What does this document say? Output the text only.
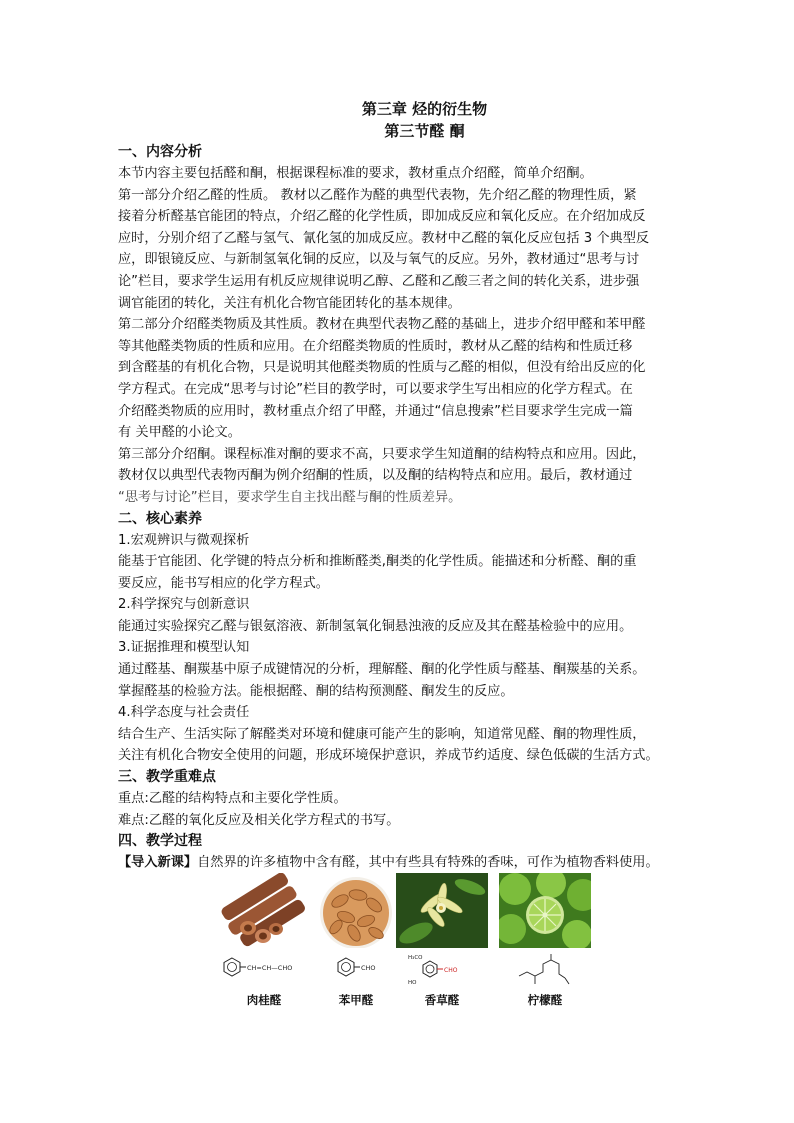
第三章 烃的衍生物

第三节醛 酮

一、内容分析

本节内容主要包括醛和酮，根据课程标准的要求，教材重点介绍醛，简单介绍酮。

第一部分介绍乙醛的性质。 教材以乙醛作为醛的典型代表物，先介绍乙醛的物理性质，紧

接着分析醛基官能团的特点，介绍乙醛的化学性质，即加成反应和氧化反应。在介绍加成反

应时，分别介绍了乙醛与氢气、氰化氢的加成反应。教材中乙醛的氧化反应包括 3 个典型反

应，即银镜反应、与新制氢氧化铜的反应，以及与氧气的反应。另外，教材通过“思考与讨

论”栏目，要求学生运用有机反应规律说明乙醇、乙醛和乙酸三者之间的转化关系，进步强

调官能团的转化，关注有机化合物官能团转化的基本规律。

第二部分介绍醛类物质及其性质。教材在典型代表物乙醛的基础上，进步介绍甲醛和苯甲醛

等其他醛类物质的性质和应用。在介绍醛类物质的性质时，教材从乙醛的结构和性质迁移

到含醛基的有机化合物，只是说明其他醛类物质的性质与乙醛的相似，但没有给出反应的化

学方程式。在完成“思考与讨论”栏目的教学时，可以要求学生写出相应的化学方程式。在

介绍醛类物质的应用时，教材重点介绍了甲醛，并通过“信息搜索”栏目要求学生完成一篇

有 关甲醛的小论文。

第三部分介绍酮。课程标准对酮的要求不高，只要求学生知道酮的结构特点和应用。因此，

教材仅以典型代表物丙酮为例介绍酮的性质，以及酮的结构特点和应用。最后，教材通过

“思考与讨论”栏目，要求学生自主找出醛与酮的性质差异。

二、核心素养

1.宏观辨识与微观探析

能基于官能团、化学键的特点分析和推断醛类,酮类的化学性质。能描述和分析醛、酮的重

要反应，能书写相应的化学方程式。

2.科学探究与创新意识

能通过实验探究乙醛与银氨溶液、新制氢氧化铜悬浊液的反应及其在醛基检验中的应用。

3.证据推理和模型认知

通过醛基、酮羰基中原子成键情况的分析，理解醛、酮的化学性质与醛基、酮羰基的关系。

掌握醛基的检验方法。能根据醛、酮的结构预测醛、酮发生的反应。

4.科学态度与社会责任

结合生产、生活实际了解醛类对环境和健康可能产生的影响，知道常见醛、酮的物理性质，

关注有机化合物安全使用的问题，形成环境保护意识，养成节约适度、绿色低碳的生活方式。

三、教学重难点

重点:乙醛的结构特点和主要化学性质。

难点:乙醛的氧化反应及相关化学方程式的书写。

四、教学过程

【导入新课】自然界的许多植物中含有醛，其中有些具有特殊的香味，可作为植物香料使用。

CH=CH—CHO
肉桂醛

CHO
苯甲醛

H₃CO
CHO
HO
香草醛
	柠檬醛
